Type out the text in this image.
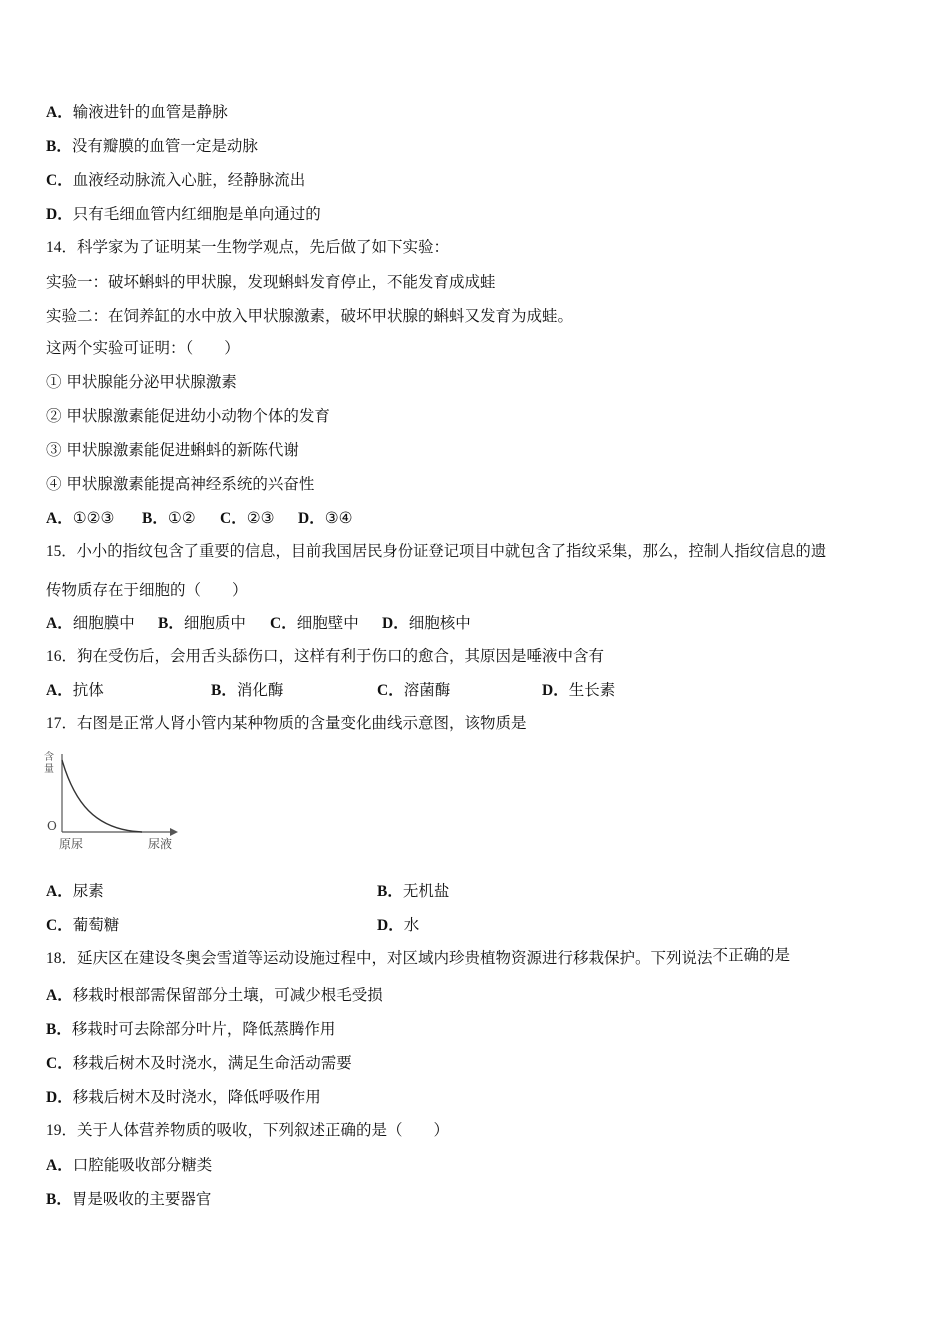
A．输液进针的血管是静脉
B．没有瓣膜的血管一定是动脉
C．血液经动脉流入心脏，经静脉流出
D．只有毛细血管内红细胞是单向通过的
14．科学家为了证明某一生物学观点，先后做了如下实验：
实验一：破坏蝌蚪的甲状腺，发现蝌蚪发育停止，不能发育成成蛙
实验二：在饲养缸的水中放入甲状腺激素，破坏甲状腺的蝌蚪又发育为成蛙。
这两个实验可证明：（　　）
① 甲状腺能分泌甲状腺激素
② 甲状腺激素能促进幼小动物个体的发育
③ 甲状腺激素能促进蝌蚪的新陈代谢
④ 甲状腺激素能提高神经系统的兴奋性
A．①②③ B．①② C．②③ D．③④
15．小小的指纹包含了重要的信息，目前我国居民身份证登记项目中就包含了指纹采集，那么，控制人指纹信息的遗
传物质存在于细胞的（　　）
A．细胞膜中 B．细胞质中 C．细胞壁中 D．细胞核中
16．狗在受伤后，会用舌头舔伤口，这样有利于伤口的愈合，其原因是唾液中含有
A．抗体	B．消化酶	C．溶菌酶	D．生长素
17．右图是正常人肾小管内某种物质的含量变化曲线示意图，该物质是
含
量
O
原尿	尿液
A．尿素	B．无机盐
C．葡萄糖	D．水
18．延庆区在建设冬奥会雪道等运动设施过程中，对区域内珍贵植物资源进行移栽保护。下列说法不正确的是
A．移栽时根部需保留部分土壤，可减少根毛受损
B．移栽时可去除部分叶片，降低蒸腾作用
C．移栽后树木及时浇水，满足生命活动需要
D．移栽后树木及时浇水，降低呼吸作用
19．关于人体营养物质的吸收，下列叙述正确的是（　　）
A．口腔能吸收部分糖类
B．胃是吸收的主要器官
